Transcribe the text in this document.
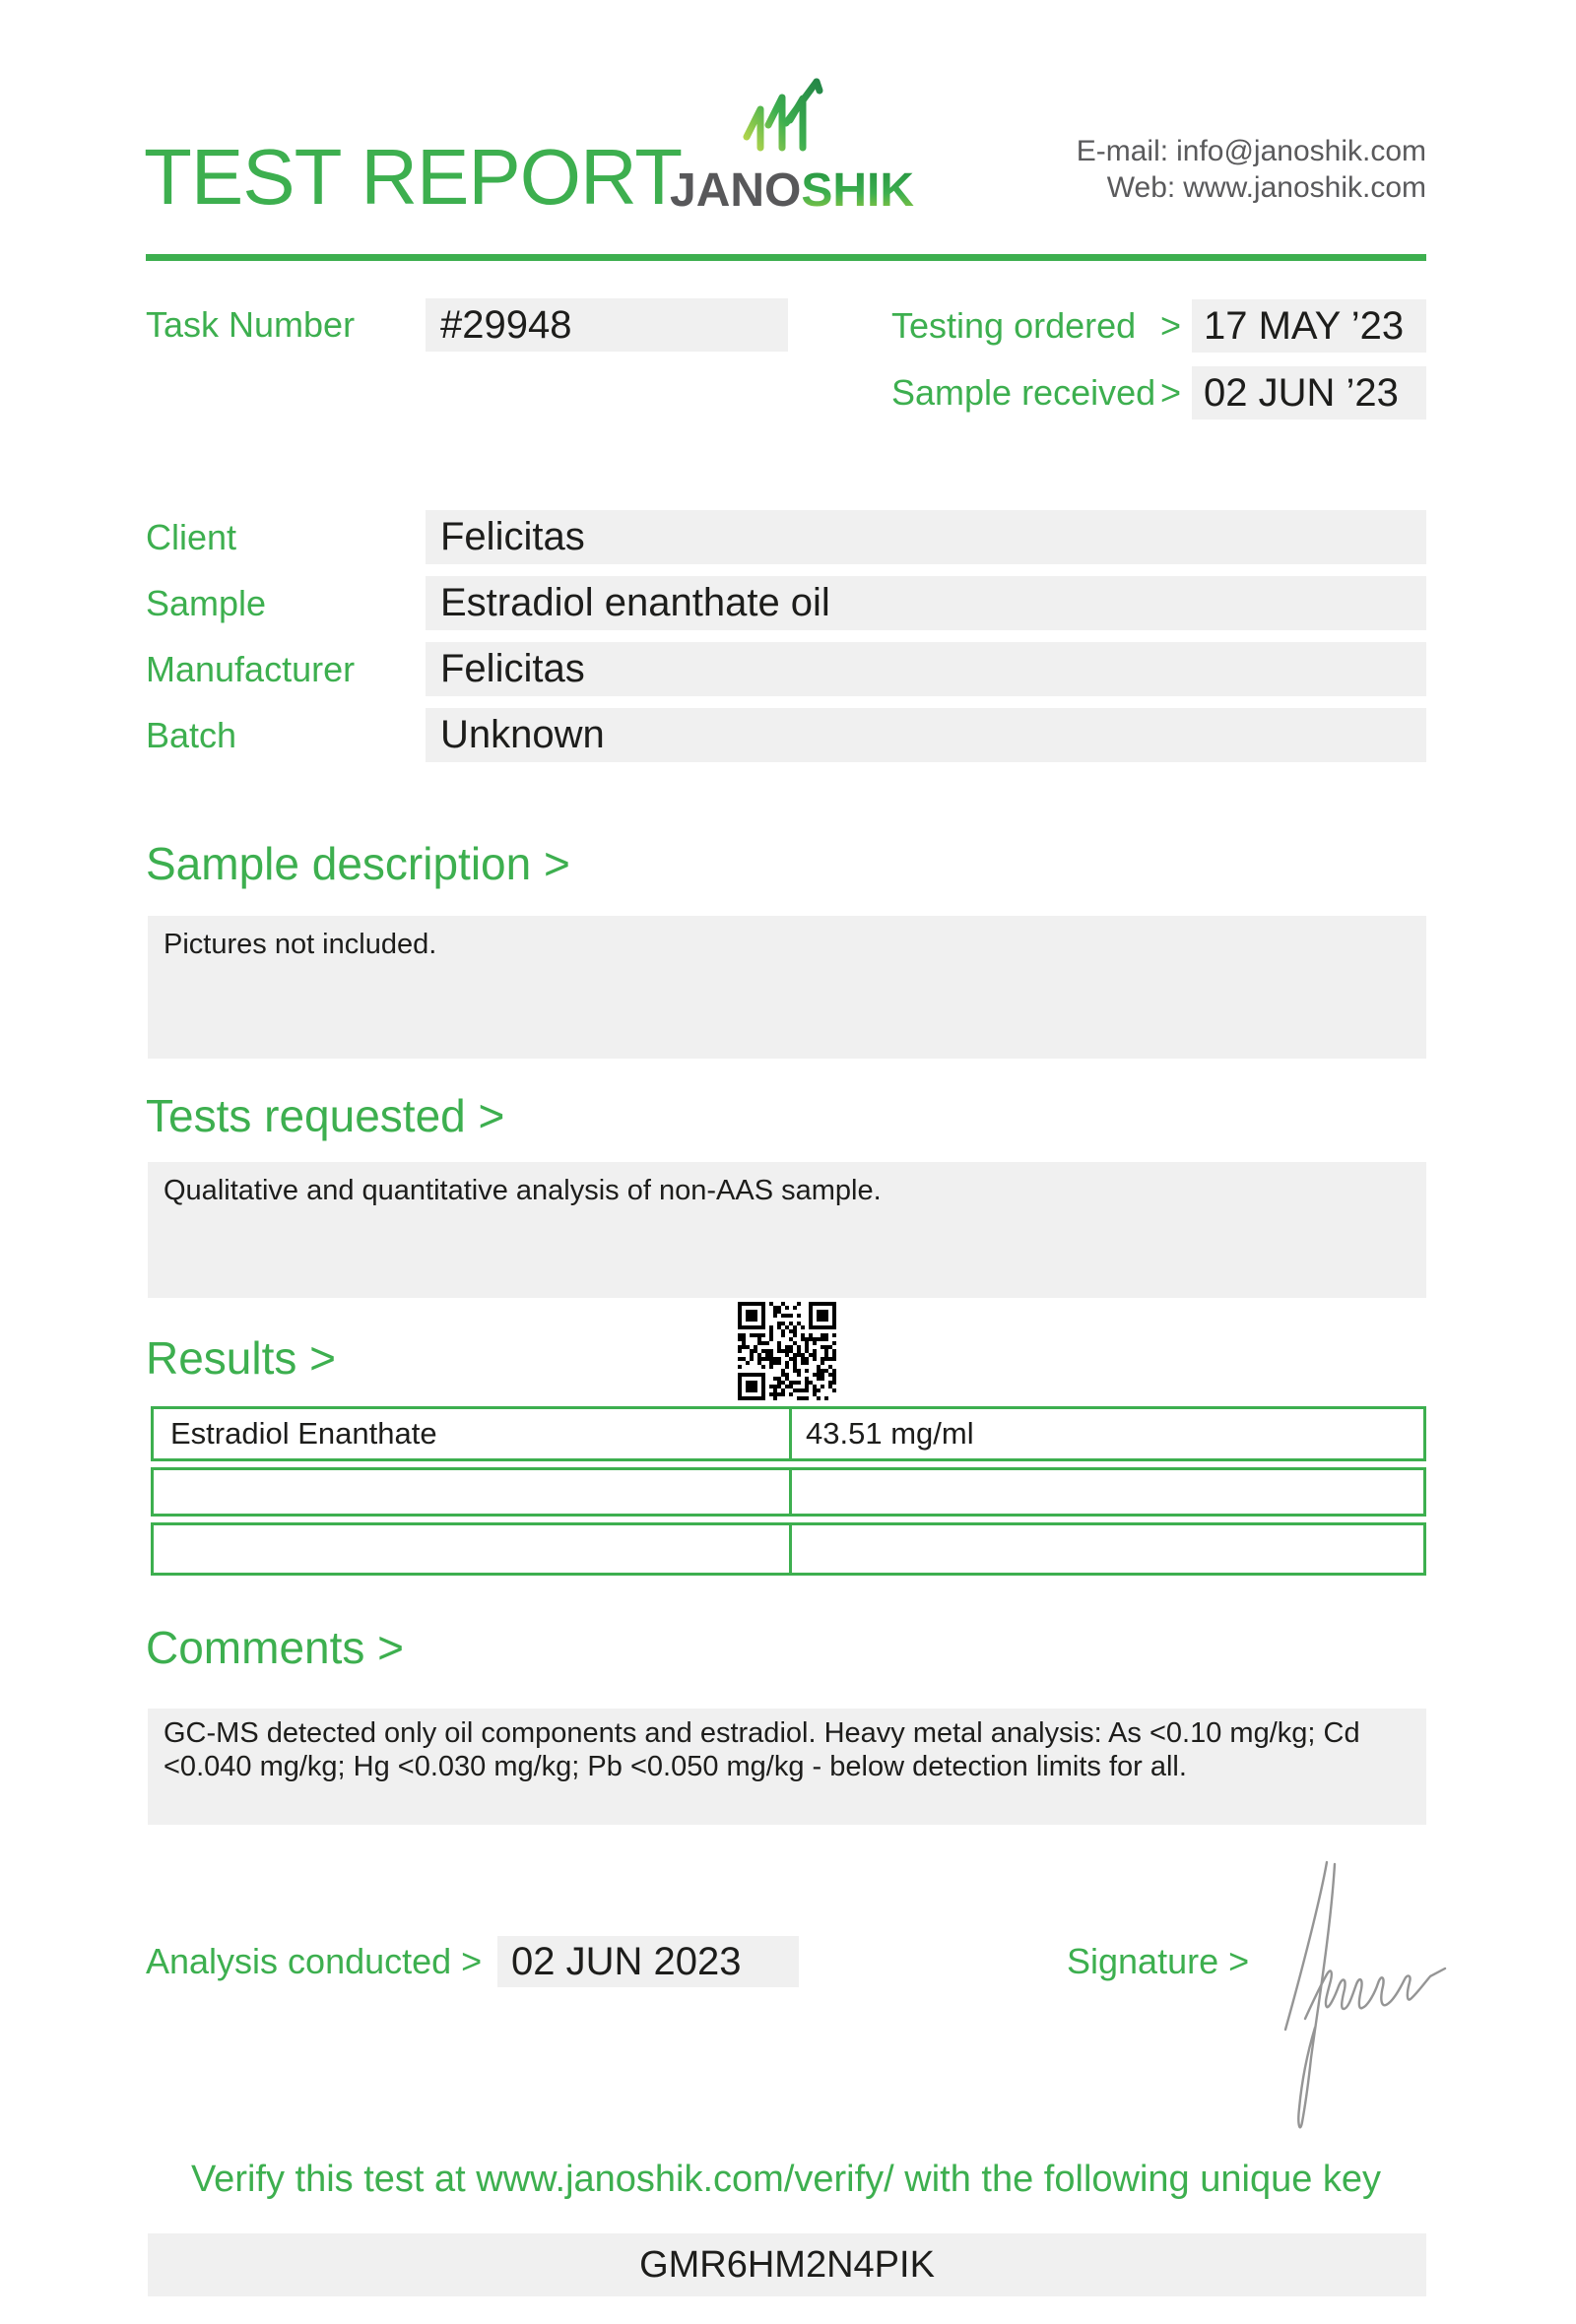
TEST REPORT
JANOSHIK
E-mail: info@janoshik.com
Web: www.janoshik.com
Task Number	#29948	Testing ordered > 17 MAY ’23
Sample received > 02 JUN ’23
Client	Felicitas
Sample	Estradiol enanthate oil
Manufacturer	Felicitas
Batch	Unknown
Sample description >
Pictures not included.
Tests requested >
Qualitative and quantitative analysis of non-AAS sample.
Results >
Estradiol Enanthate	43.51 mg/ml
Comments >
GC-MS detected only oil components and estradiol. Heavy metal analysis: As <0.10 mg/kg; Cd <0.040 mg/kg; Hg <0.030 mg/kg; Pb <0.050 mg/kg - below detection limits for all.
Analysis conducted > 02 JUN 2023	Signature >
Verify this test at www.janoshik.com/verify/ with the following unique key
GMR6HM2N4PIK
